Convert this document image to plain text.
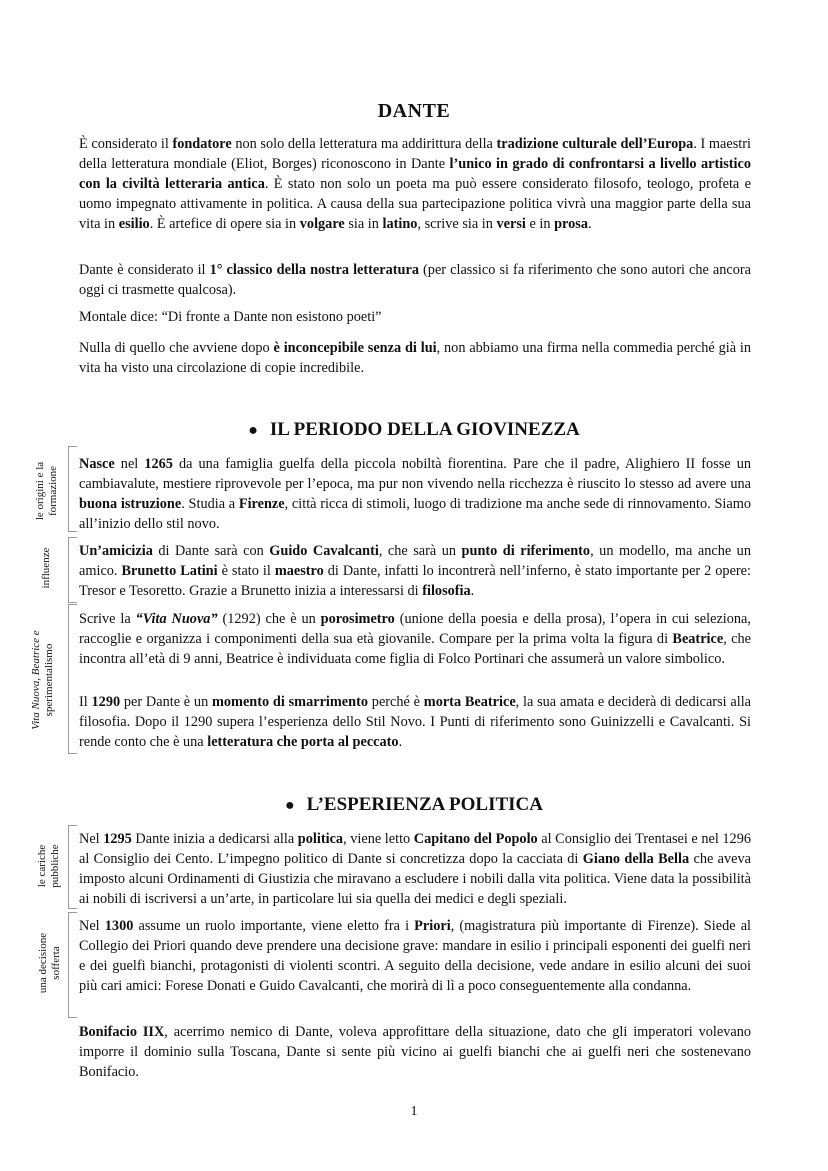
DANTE

È considerato il fondatore non solo della letteratura ma addirittura della tradizione culturale dell’Europa. I maestri della letteratura mondiale (Eliot, Borges) riconoscono in Dante l’unico in grado di confrontarsi a livello artistico con la civiltà letteraria antica. È stato non solo un poeta ma può essere considerato filosofo, teologo, profeta e uomo impegnato attivamente in politica. A causa della sua partecipazione politica vivrà una maggior parte della sua vita in esilio. È artefice di opere sia in volgare sia in latino, scrive sia in versi e in prosa.

Dante è considerato il 1° classico della nostra letteratura (per classico si fa riferimento che sono autori che ancora oggi ci trasmette qualcosa).

Montale dice: “Di fronte a Dante non esistono poeti”

Nulla di quello che avviene dopo è inconcepibile senza di lui, non abbiamo una firma nella commedia perché già in vita ha visto una circolazione di copie incredibile.

● IL PERIODO DELLA GIOVINEZZA
le origini e la formazione

Nasce nel 1265 da una famiglia guelfa della piccola nobiltà fiorentina. Pare che il padre, Alighiero II fosse un cambiavalute, mestiere riprovevole per l’epoca, ma pur non vivendo nella ricchezza è riuscito lo stesso ad avere una buona istruzione. Studia a Firenze, città ricca di stimoli, luogo di tradizione ma anche sede di rinnovamento. Siamo all’inizio dello stil novo.

influenze Un’amicizia di Dante sarà con Guido Cavalcanti, che sarà un punto di riferimento, un modello, ma anche un amico. Brunetto Latini è stato il maestro di Dante, infatti lo incontrerà nell’inferno, è stato importante per 2 opere: Tresor e Tesoretto. Grazie a Brunetto inizia a interessarsi di filosofia.

Vita Nuova, Beatrice e sperimentalismo

Scrive la “Vita Nuova” (1292) che è un porosimetro (unione della poesia e della prosa), l’opera in cui seleziona, raccoglie e organizza i componimenti della sua età giovanile. Compare per la prima volta la figura di Beatrice, che incontra all’età di 9 anni, Beatrice è individuata come figlia di Folco Portinari che assumerà un valore simbolico.

Il 1290 per Dante è un momento di smarrimento perché è morta Beatrice, la sua amata e deciderà di dedicarsi alla filosofia. Dopo il 1290 supera l’esperienza dello Stil Novo. I Punti di riferimento sono Guinizzelli e Cavalcanti. Si rende conto che è una letteratura che porta al peccato.

● L’ESPERIENZA POLITICA
le cariche pubbliche

Nel 1295 Dante inizia a dedicarsi alla politica, viene letto Capitano del Popolo al Consiglio dei Trentasei e nel 1296 al Consiglio dei Cento. L’impegno politico di Dante si concretizza dopo la cacciata di Giano della Bella che aveva imposto alcuni Ordinamenti di Giustizia che miravano a escludere i nobili dalla vita politica. Viene data la possibilità ai nobili di iscriversi a un’arte, in particolare lui sia quella dei medici e degli speziali.

una decisione sofferta

Nel 1300 assume un ruolo importante, viene eletto fra i Priori, (magistratura più importante di Firenze). Siede al Collegio dei Priori quando deve prendere una decisione grave: mandare in esilio i principali esponenti dei guelfi neri e dei guelfi bianchi, protagonisti di violenti scontri. A seguito della decisione, vede andare in esilio alcuni dei suoi più cari amici: Forese Donati e Guido Cavalcanti, che morirà di lì a poco conseguentemente alla condanna.

Bonifacio IIX, acerrimo nemico di Dante, voleva approfittare della situazione, dato che gli imperatori volevano imporre il dominio sulla Toscana, Dante si sente più vicino ai guelfi bianchi che ai guelfi neri che sostenevano Bonifacio.

1
